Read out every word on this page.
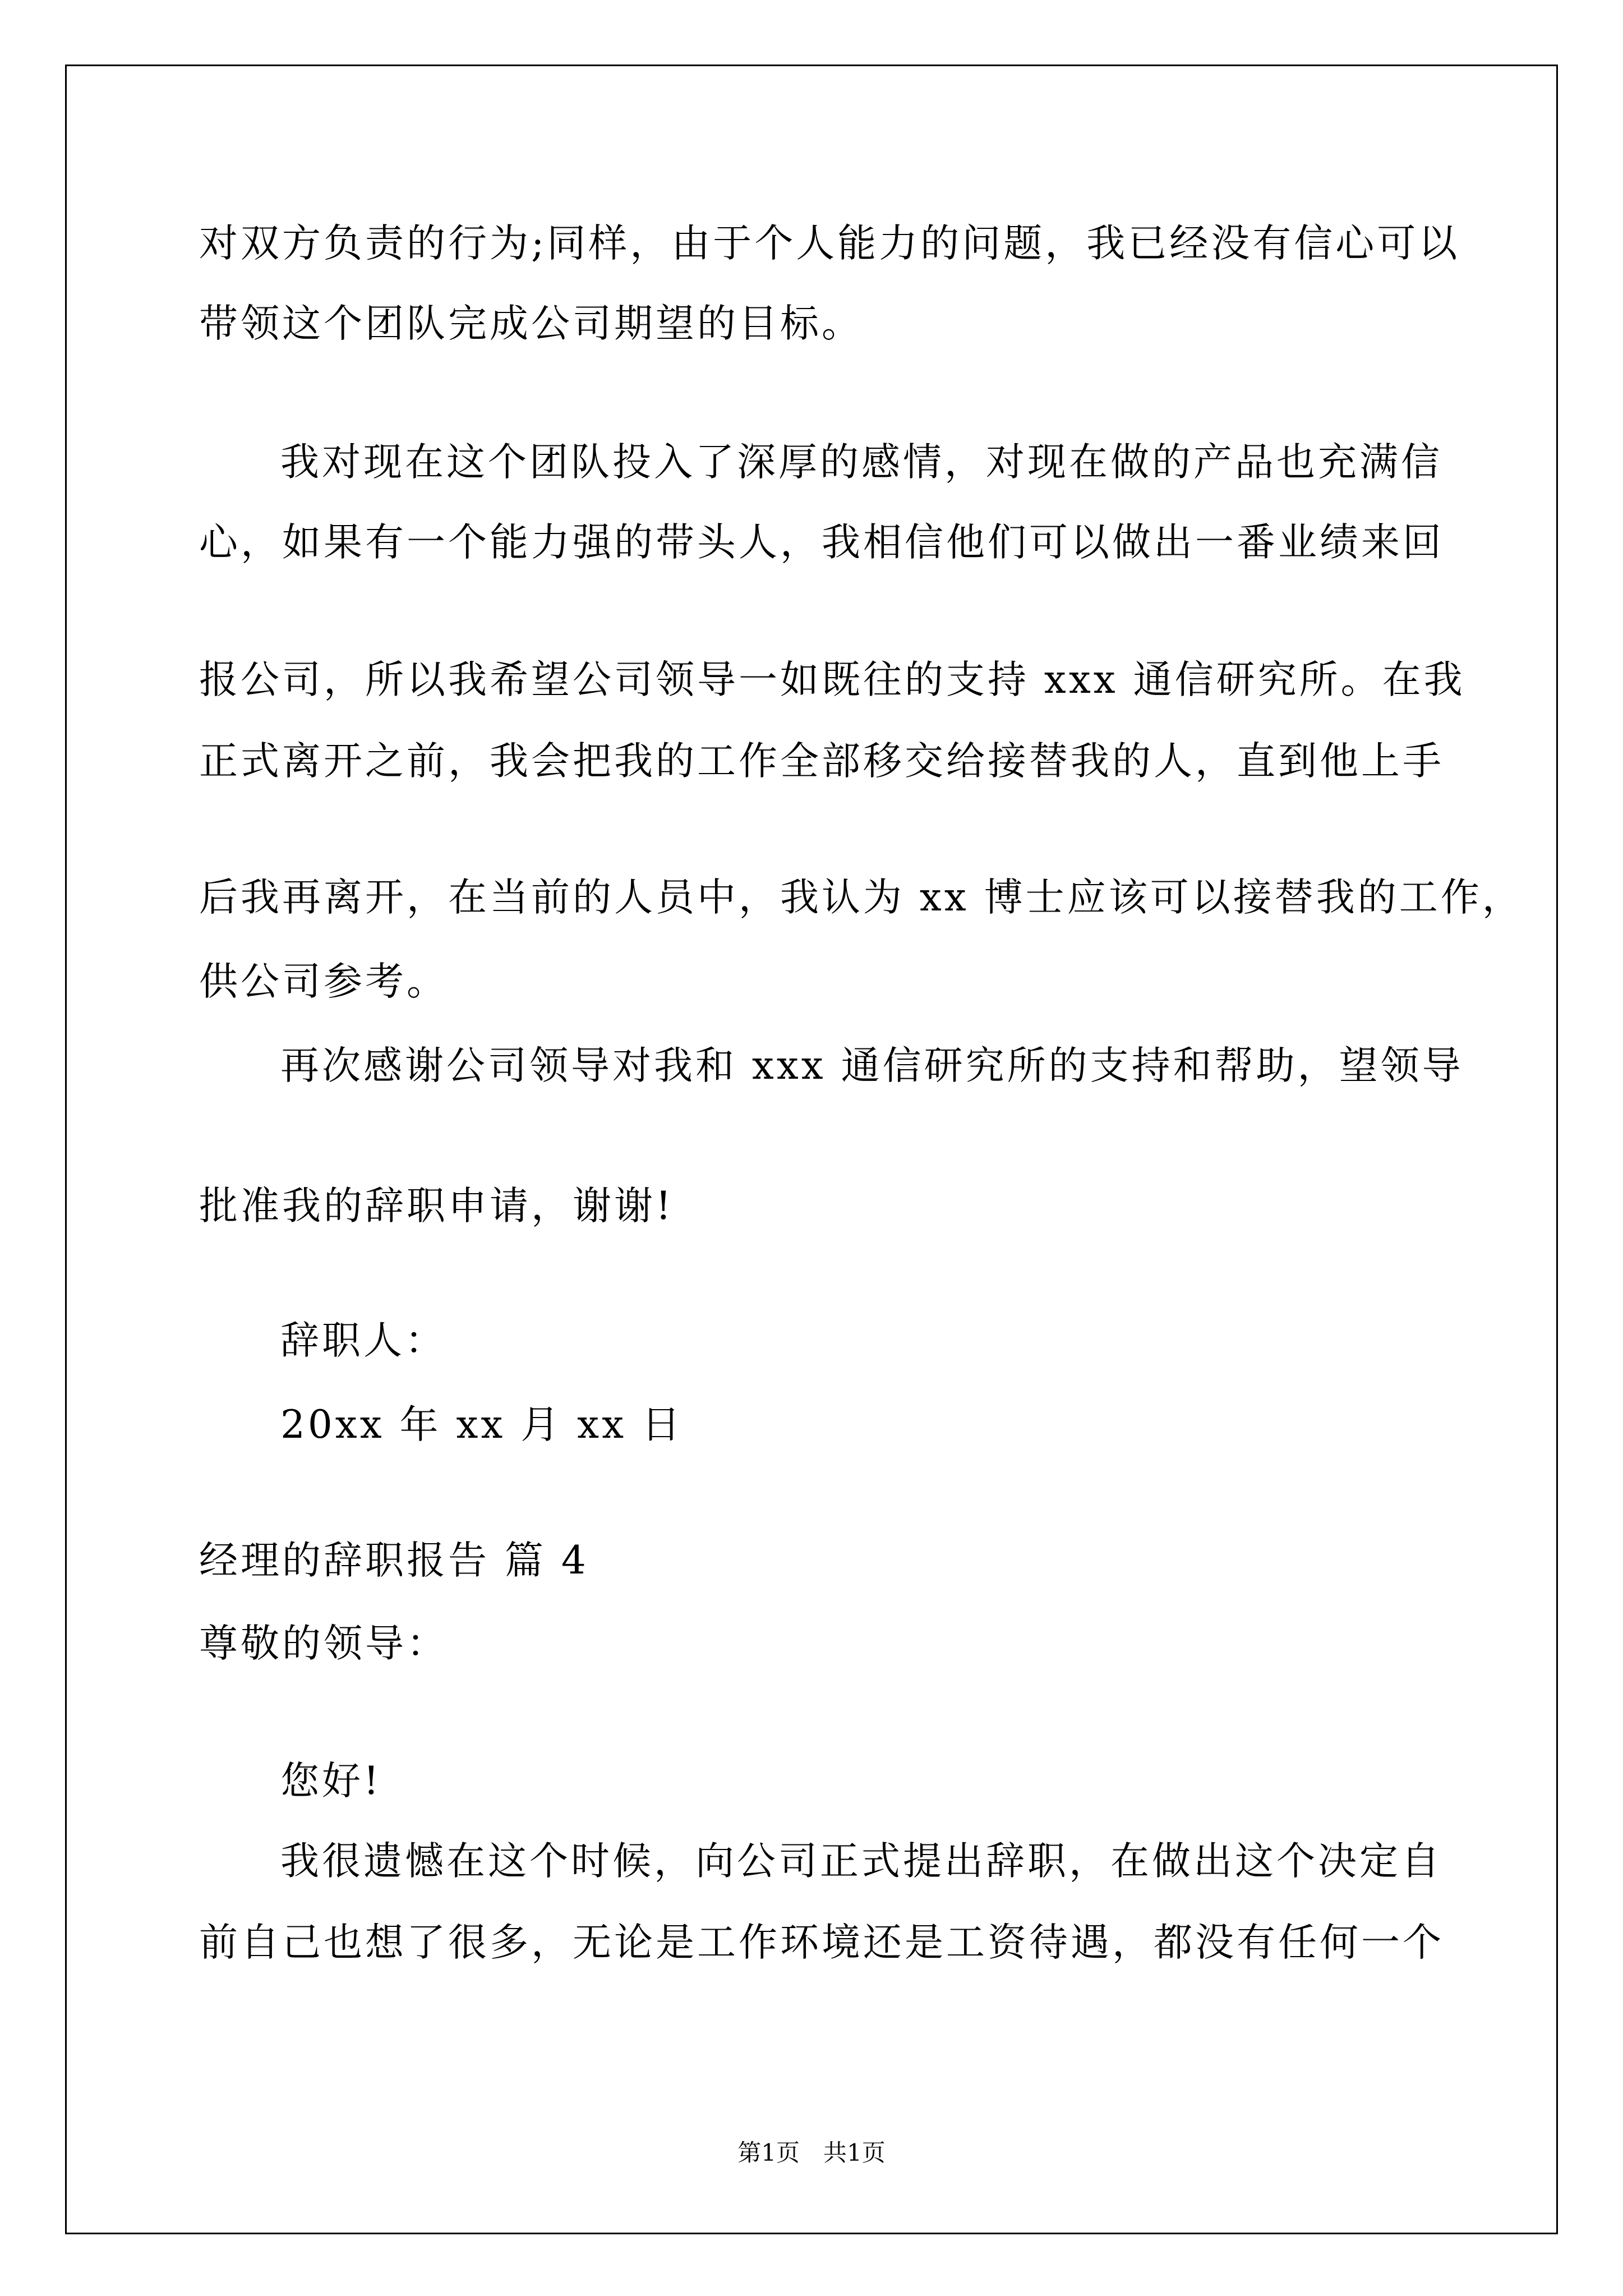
对双方负责的行为;同样，由于个人能力的问题，我已经没有信心可以
带领这个团队完成公司期望的目标。
我对现在这个团队投入了深厚的感情，对现在做的产品也充满信
心，如果有一个能力强的带头人，我相信他们可以做出一番业绩来回
报公司，所以我希望公司领导一如既往的支持 xxx 通信研究所。在我
正式离开之前，我会把我的工作全部移交给接替我的人，直到他上手
后我再离开，在当前的人员中，我认为 xx 博士应该可以接替我的工作，
供公司参考。
再次感谢公司领导对我和 xxx 通信研究所的支持和帮助，望领导
批准我的辞职申请，谢谢!
辞职人：
20xx 年 xx 月 xx 日
经理的辞职报告 篇 4
尊敬的领导：
您好!
我很遗憾在这个时候，向公司正式提出辞职，在做出这个决定自
前自己也想了很多，无论是工作环境还是工资待遇，都没有任何一个
第1页　共1页
